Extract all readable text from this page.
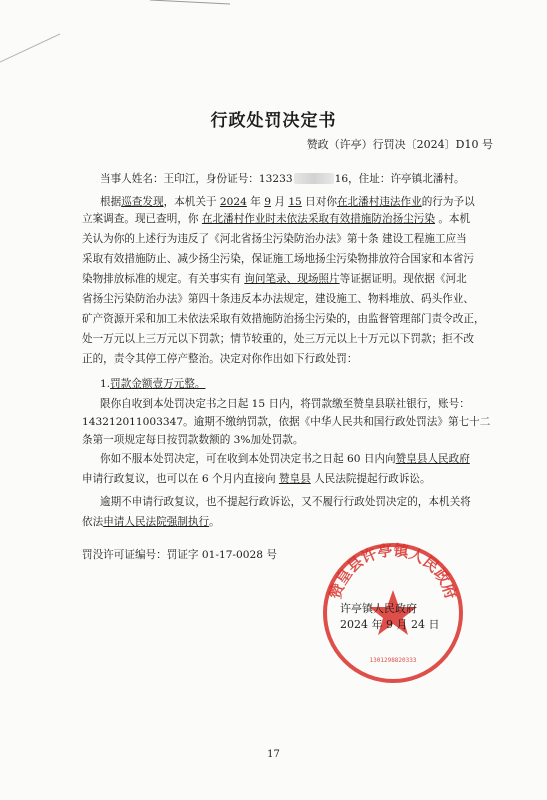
行政处罚决定书
赞政（许亭）行罚决〔2024〕D10 号
当事人姓名：王印江，身份证号：13233	16，住址：许亭镇北潘村。
根据巡查发现，本机关于 2024 年 9 月 15 日对你在北潘村违法作业的行为予以
立案调查。现已查明，你 在北潘村作业时未依法采取有效措施防治扬尘污染 。本机
关认为你的上述行为违反了《河北省扬尘污染防治办法》第十条 建设工程施工应当
采取有效措施防止、减少扬尘污染，保证施工场地扬尘污染物排放符合国家和本省污
染物排放标准的规定。有关事实有 询问笔录、现场照片等证据证明。现依据《河北
省扬尘污染防治办法》第四十条违反本办法规定，建设施工、物料堆放、码头作业、
矿产资源开采和加工未依法采取有效措施防治扬尘污染的，由监督管理部门责令改正，
处一万元以上三万元以下罚款；情节较重的，处三万元以上十万元以下罚款；拒不改
正的，责令其停工停产整治。决定对你作出如下行政处罚：
1.罚款金额壹万元整。
限你自收到本处罚决定书之日起 15 日内，将罚款缴至赞皇县联社银行，账号：
143212011003347。逾期不缴纳罚款，依据《中华人民共和国行政处罚法》第七十二
条第一项规定每日按罚款数额的 3%加处罚款。
你如不服本处罚决定，可在收到本处罚决定书之日起 60 日内向赞皇县人民政府
申请行政复议，也可以在 6 个月内直接向 赞皇县 人民法院提起行政诉讼。
逾期不申请行政复议，也不提起行政诉讼，又不履行行政处罚决定的，本机关将
依法申请人民法院强制执行。
罚没许可证编号：罚证字 01-17-0028 号
赞皇县许亭镇人民政府
1301298820333
许亭镇人民政府
2024 年 9 月 24 日
17
